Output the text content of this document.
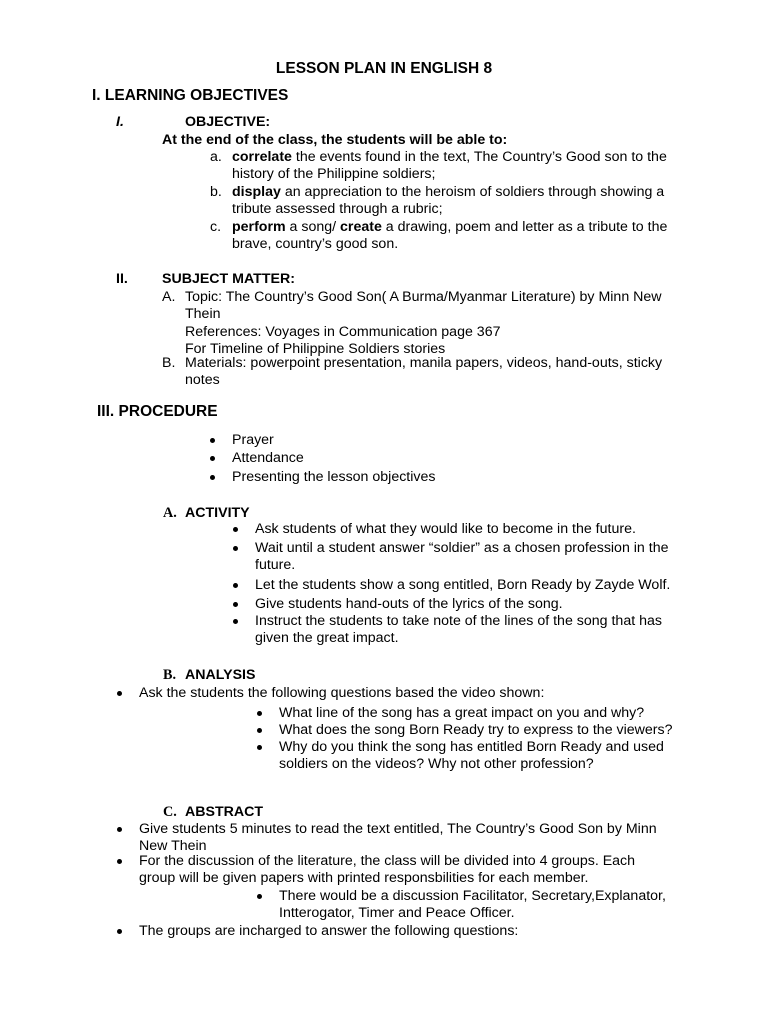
LESSON PLAN IN ENGLISH 8
I. LEARNING OBJECTIVES
I.	OBJECTIVE:
At the end of the class, the students will be able to:
a. correlate the events found in the text, The Country’s Good son to the
history of the Philippine soldiers;
b. display an appreciation to the heroism of soldiers through showing a
tribute assessed through a rubric;
c. perform a song/ create a drawing, poem and letter as a tribute to the
brave, country’s good son.
II. SUBJECT MATTER:
A. Topic: The Country’s Good Son( A Burma/Myanmar Literature) by Minn New
Thein
References: Voyages in Communication page 367
For Timeline of Philippine Soldiers stories
B. Materials: powerpoint presentation, manila papers, videos, hand-outs, sticky
notes
III. PROCEDURE
Prayer
Attendance
Presenting the lesson objectives
A. ACTIVITY
Ask students of what they would like to become in the future.
Wait until a student answer “soldier” as a chosen profession in the
future.
Let the students show a song entitled, Born Ready by Zayde Wolf.
Give students hand-outs of the lyrics of the song.
Instruct the students to take note of the lines of the song that has
given the great impact.
B. ANALYSIS
Ask the students the following questions based the video shown:
What line of the song has a great impact on you and why?
What does the song Born Ready try to express to the viewers?
Why do you think the song has entitled Born Ready and used
soldiers on the videos? Why not other profession?
C. ABSTRACT
Give students 5 minutes to read the text entitled, The Country’s Good Son by Minn
New Thein
For the discussion of the literature, the class will be divided into 4 groups. Each
group will be given papers with printed responsbilities for each member.
There would be a discussion Facilitator, Secretary,Explanator,
Intterogator, Timer and Peace Officer.
The groups are incharged to answer the following questions:
